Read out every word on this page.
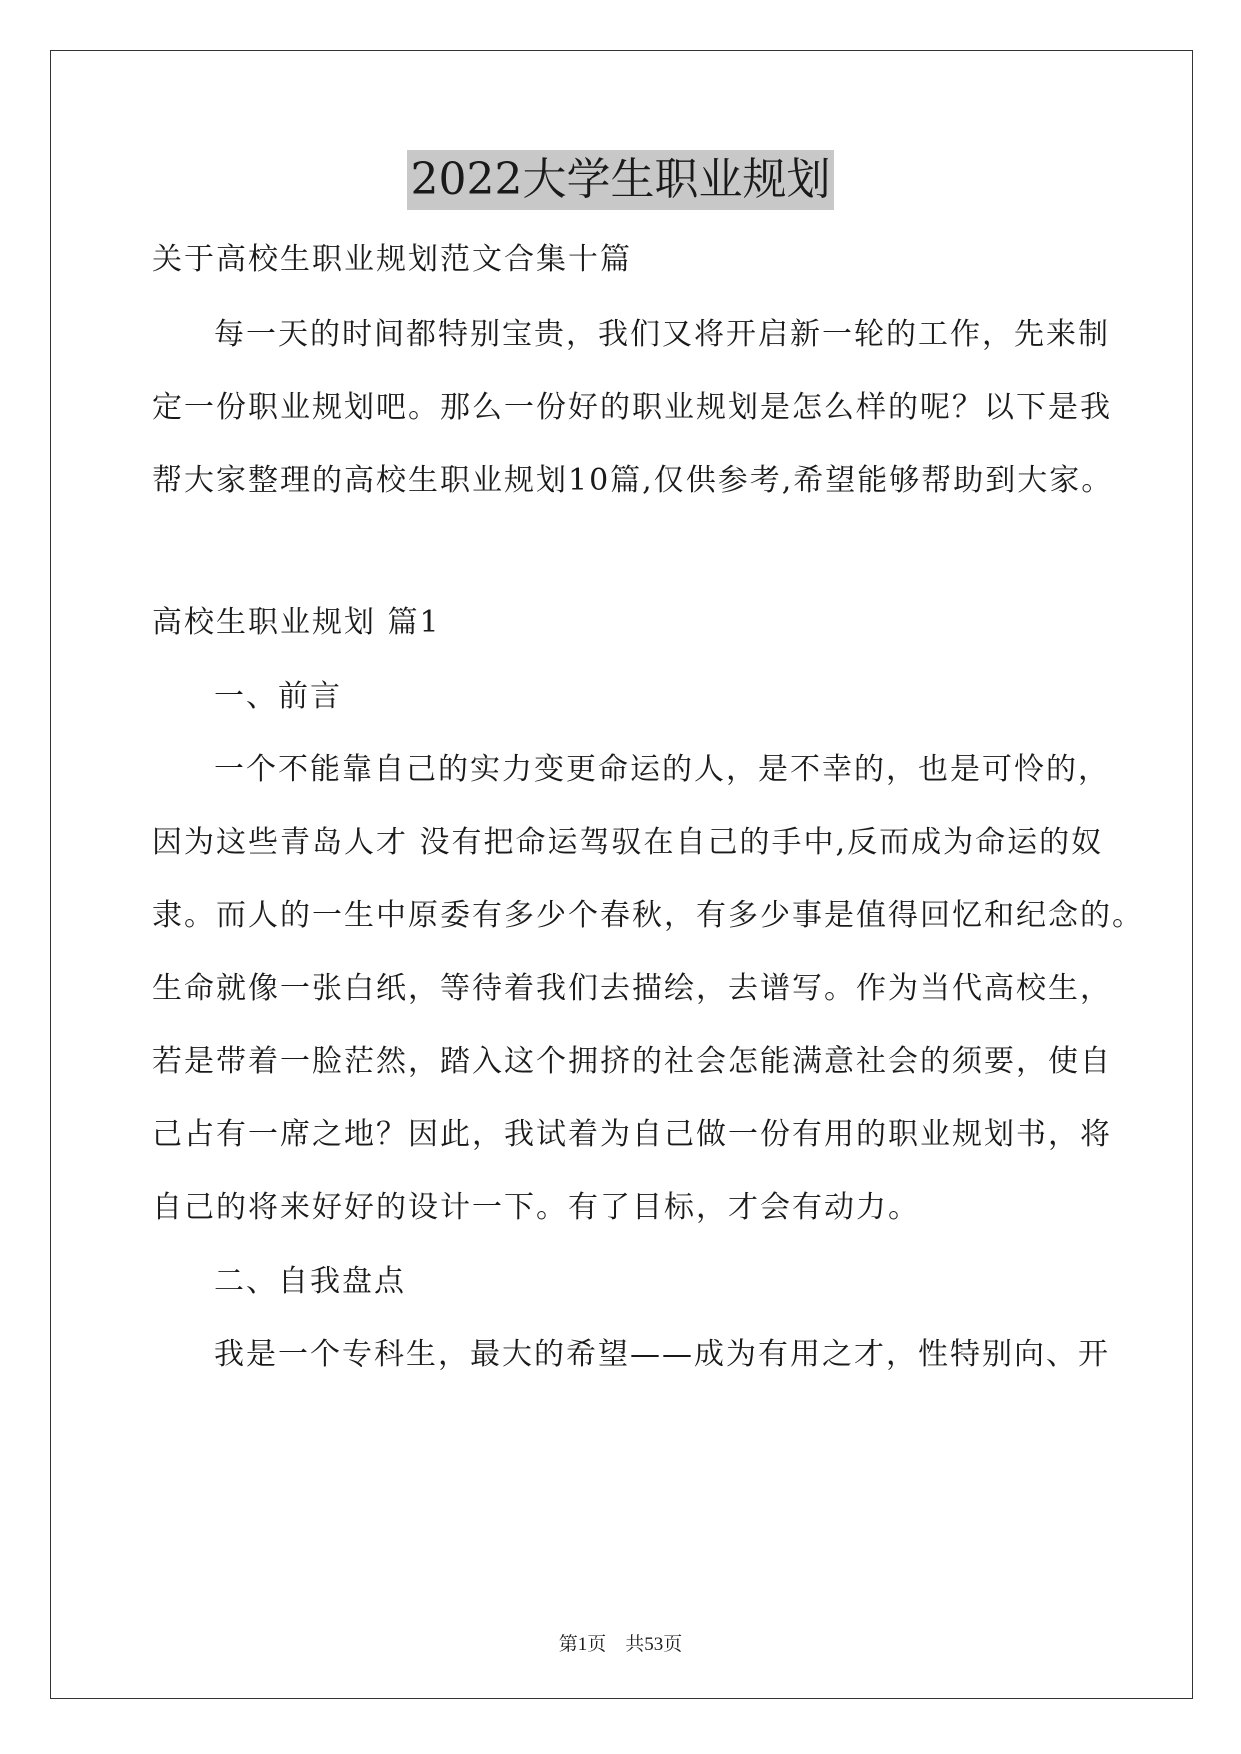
2022大学生职业规划
关于高校生职业规划范文合集十篇
每一天的时间都特别宝贵，我们又将开启新一轮的工作，先来制
定一份职业规划吧。那么一份好的职业规划是怎么样的呢？以下是我
帮大家整理的高校生职业规划10篇,仅供参考,希望能够帮助到大家。
高校生职业规划 篇1
一、前言
一个不能靠自己的实力变更命运的人，是不幸的，也是可怜的，
因为这些青岛人才 没有把命运驾驭在自己的手中,反而成为命运的奴
隶。而人的一生中原委有多少个春秋，有多少事是值得回忆和纪念的。
生命就像一张白纸，等待着我们去描绘，去谱写。作为当代高校生，
若是带着一脸茫然，踏入这个拥挤的社会怎能满意社会的须要，使自
己占有一席之地？因此，我试着为自己做一份有用的职业规划书，将
自己的将来好好的设计一下。有了目标，才会有动力。
二、自我盘点
我是一个专科生，最大的希望——成为有用之才，性特别向、开
第1页　共53页
